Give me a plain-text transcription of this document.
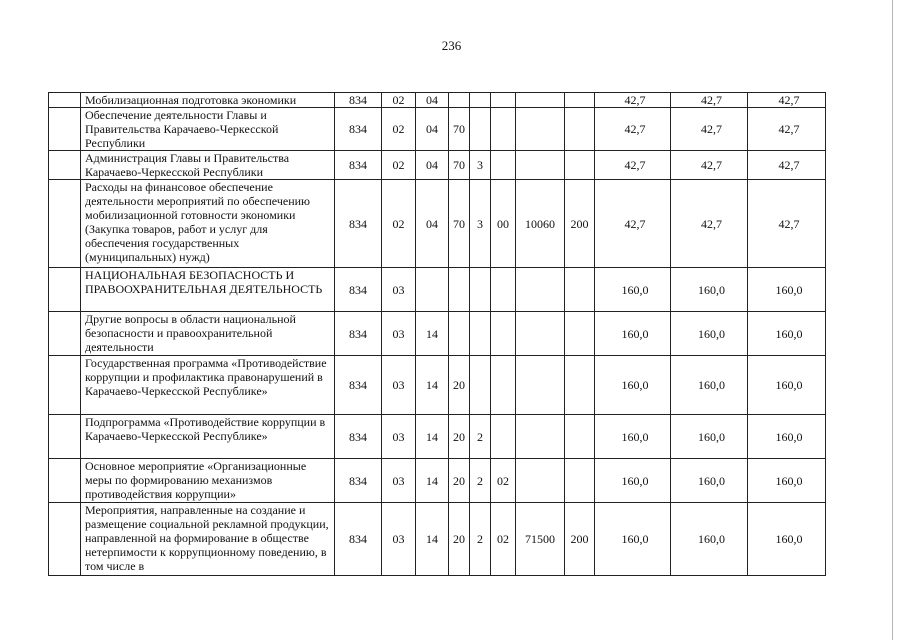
236
	Мобилизационная подготовка экономики	834	02	04						42,7	42,7	42,7
	Обеспечение деятельности Главы и Правительства Карачаево-Черкесской Республики	834	02	04	70					42,7	42,7	42,7
	Администрация Главы и Правительства Карачаево-Черкесской Республики	834	02	04	70	3				42,7	42,7	42,7
	Расходы на финансовое обеспечение деятельности мероприятий по обеспечению мобилизационной готовности экономики (Закупка товаров, работ и услуг для обеспечения государственных (муниципальных) нужд)	834	02	04	70	3	00	10060	200	42,7	42,7	42,7
	НАЦИОНАЛЬНАЯ БЕЗОПАСНОСТЬ И ПРАВООХРАНИТЕЛЬНАЯ ДЕЯТЕЛЬНОСТЬ	834	03							160,0	160,0	160,0
	Другие вопросы в области национальной безопасности и правоохранительной деятельности	834	03	14						160,0	160,0	160,0
	Государственная программа «Противодействие коррупции и профилактика правонарушений в Карачаево-Черкесской Республике»	834	03	14	20					160,0	160,0	160,0
	Подпрограмма «Противодействие коррупции в Карачаево-Черкесской Республике»	834	03	14	20	2				160,0	160,0	160,0
	Основное мероприятие «Организационные меры по формированию механизмов противодействия коррупции»	834	03	14	20	2	02			160,0	160,0	160,0
	Мероприятия, направленные на создание и размещение социальной рекламной продукции, направленной на формирование в обществе нетерпимости к коррупционному поведению, в том числе в	834	03	14	20	2	02	71500	200	160,0	160,0	160,0
